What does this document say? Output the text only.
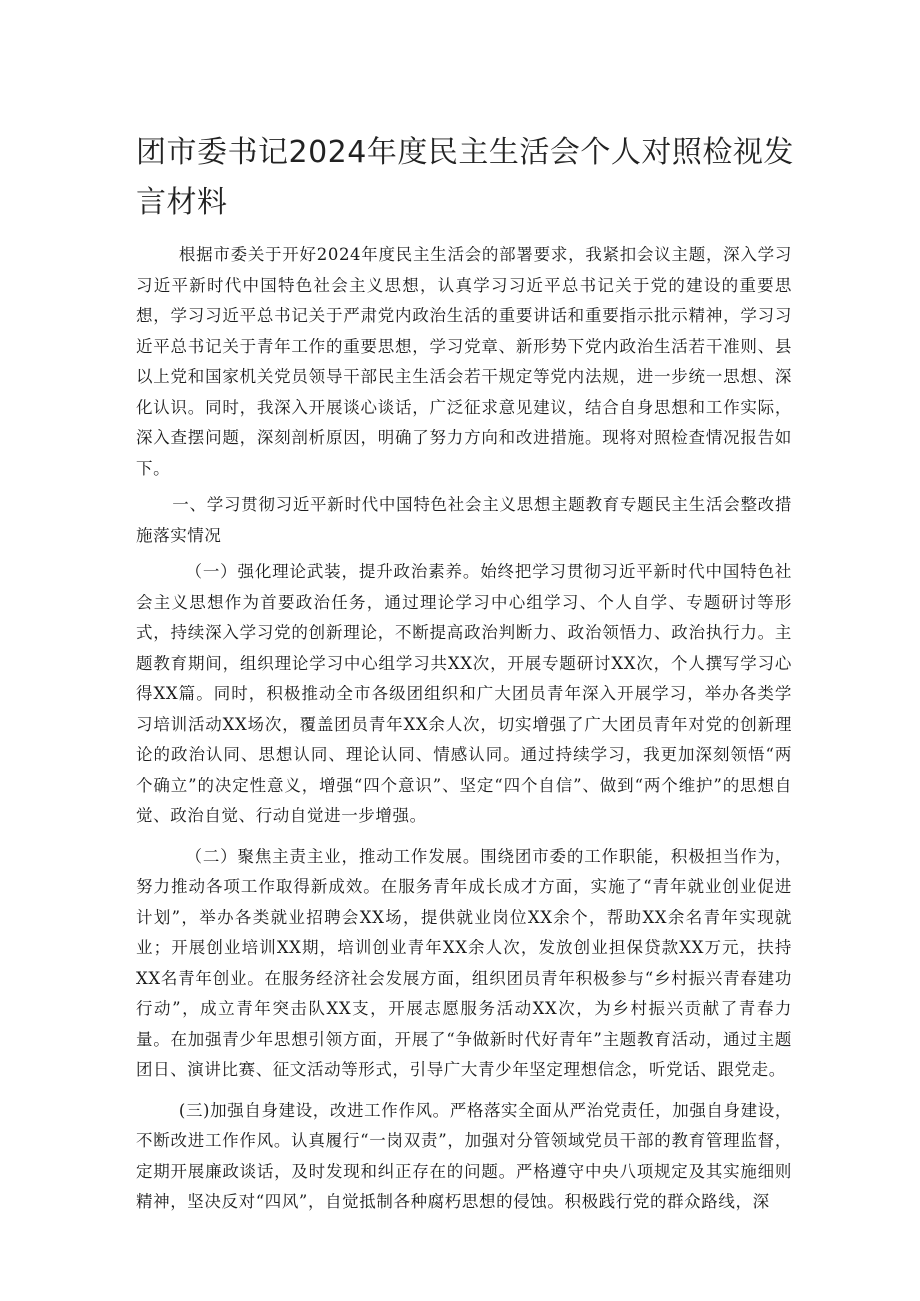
团市委书记2024年度民主生活会个人对照检视发言材料

根据市委关于开好2024年度民主生活会的部署要求，我紧扣会议主题，深入学习习近平新时代中国特色社会主义思想，认真学习习近平总书记关于党的建设的重要思想，学习习近平总书记关于严肃党内政治生活的重要讲话和重要指示批示精神，学习习近平总书记关于青年工作的重要思想，学习党章、新形势下党内政治生活若干准则、县以上党和国家机关党员领导干部民主生活会若干规定等党内法规，进一步统一思想、深化认识。同时，我深入开展谈心谈话，广泛征求意见建议，结合自身思想和工作实际，深入查摆问题，深刻剖析原因，明确了努力方向和改进措施。现将对照检查情况报告如下。

一、学习贯彻习近平新时代中国特色社会主义思想主题教育专题民主生活会整改措施落实情况

（一）强化理论武装，提升政治素养。始终把学习贯彻习近平新时代中国特色社会主义思想作为首要政治任务，通过理论学习中心组学习、个人自学、专题研讨等形式，持续深入学习党的创新理论，不断提高政治判断力、政治领悟力、政治执行力。主题教育期间，组织理论学习中心组学习共XX次，开展专题研讨XX次，个人撰写学习心得XX篇。同时，积极推动全市各级团组织和广大团员青年深入开展学习，举办各类学习培训活动XX场次，覆盖团员青年XX余人次，切实增强了广大团员青年对党的创新理论的政治认同、思想认同、理论认同、情感认同。通过持续学习，我更加深刻领悟“两个确立”的决定性意义，增强“四个意识”、坚定“四个自信”、做到“两个维护”的思想自觉、政治自觉、行动自觉进一步增强。

（二）聚焦主责主业，推动工作发展。围绕团市委的工作职能，积极担当作为，努力推动各项工作取得新成效。在服务青年成长成才方面，实施了“青年就业创业促进计划”，举办各类就业招聘会XX场，提供就业岗位XX余个，帮助XX余名青年实现就业；开展创业培训XX期，培训创业青年XX余人次，发放创业担保贷款XX万元，扶持XX名青年创业。在服务经济社会发展方面，组织团员青年积极参与“乡村振兴青春建功行动”，成立青年突击队XX支，开展志愿服务活动XX次，为乡村振兴贡献了青春力量。在加强青少年思想引领方面，开展了“争做新时代好青年”主题教育活动，通过主题团日、演讲比赛、征文活动等形式，引导广大青少年坚定理想信念，听党话、跟党走。

(三)加强自身建设，改进工作作风。严格落实全面从严治党责任，加强自身建设，不断改进工作作风。认真履行“一岗双责”，加强对分管领域党员干部的教育管理监督，定期开展廉政谈话，及时发现和纠正存在的问题。严格遵守中央八项规定及其实施细则精神，坚决反对“四风”，自觉抵制各种腐朽思想的侵蚀。积极践行党的群众路线，深
